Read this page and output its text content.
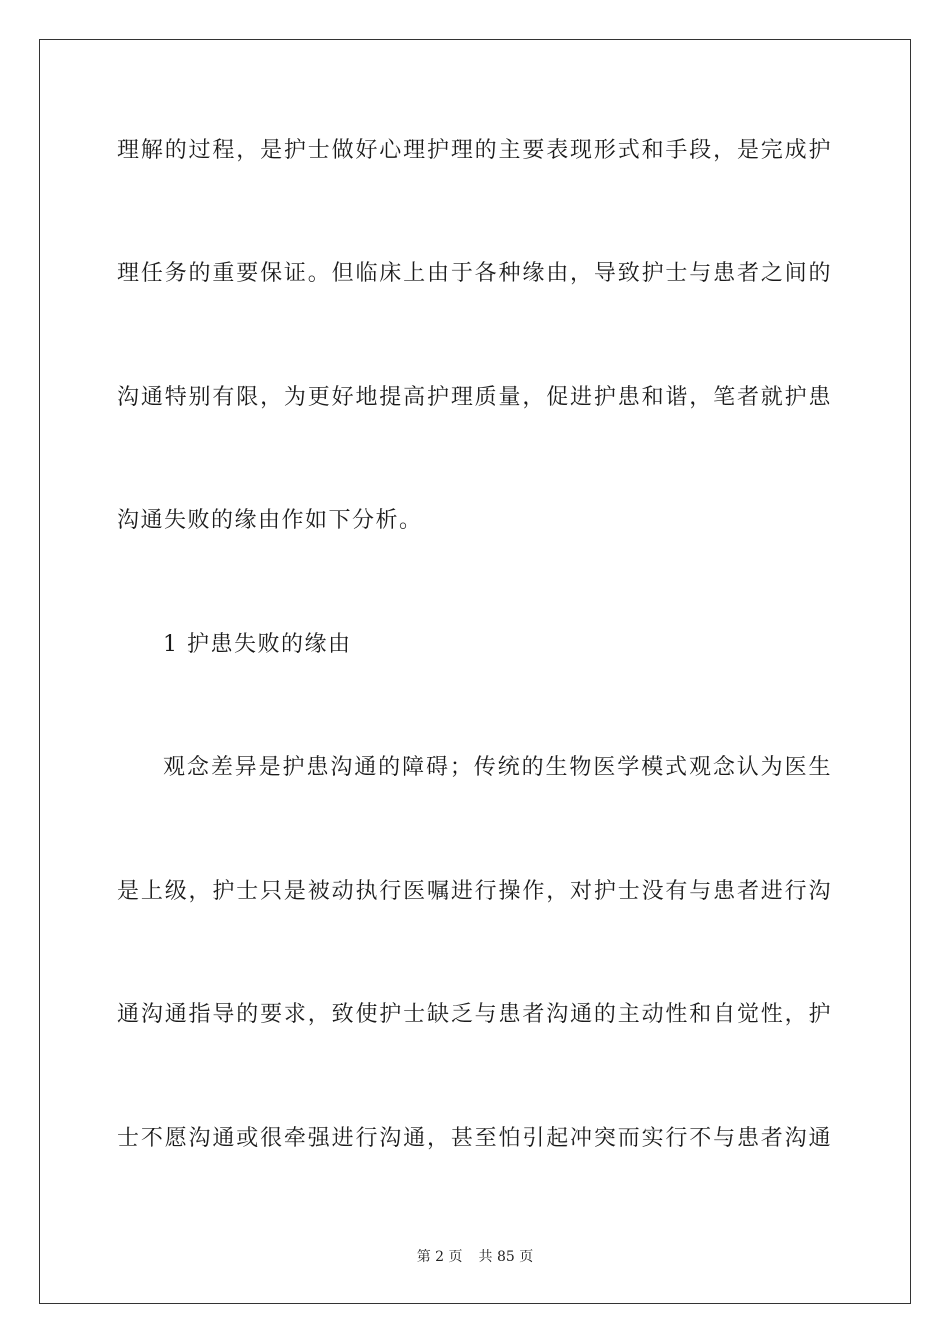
理解的过程，是护士做好心理护理的主要表现形式和手段，是完成护
理任务的重要保证。但临床上由于各种缘由，导致护士与患者之间的
沟通特别有限，为更好地提高护理质量，促进护患和谐，笔者就护患
沟通失败的缘由作如下分析。
1 护患失败的缘由
观念差异是护患沟通的障碍；传统的生物医学模式观念认为医生
是上级，护士只是被动执行医嘱进行操作，对护士没有与患者进行沟
通沟通指导的要求，致使护士缺乏与患者沟通的主动性和自觉性，护
士不愿沟通或很牵强进行沟通，甚至怕引起冲突而实行不与患者沟通
第 2 页 共 85 页
